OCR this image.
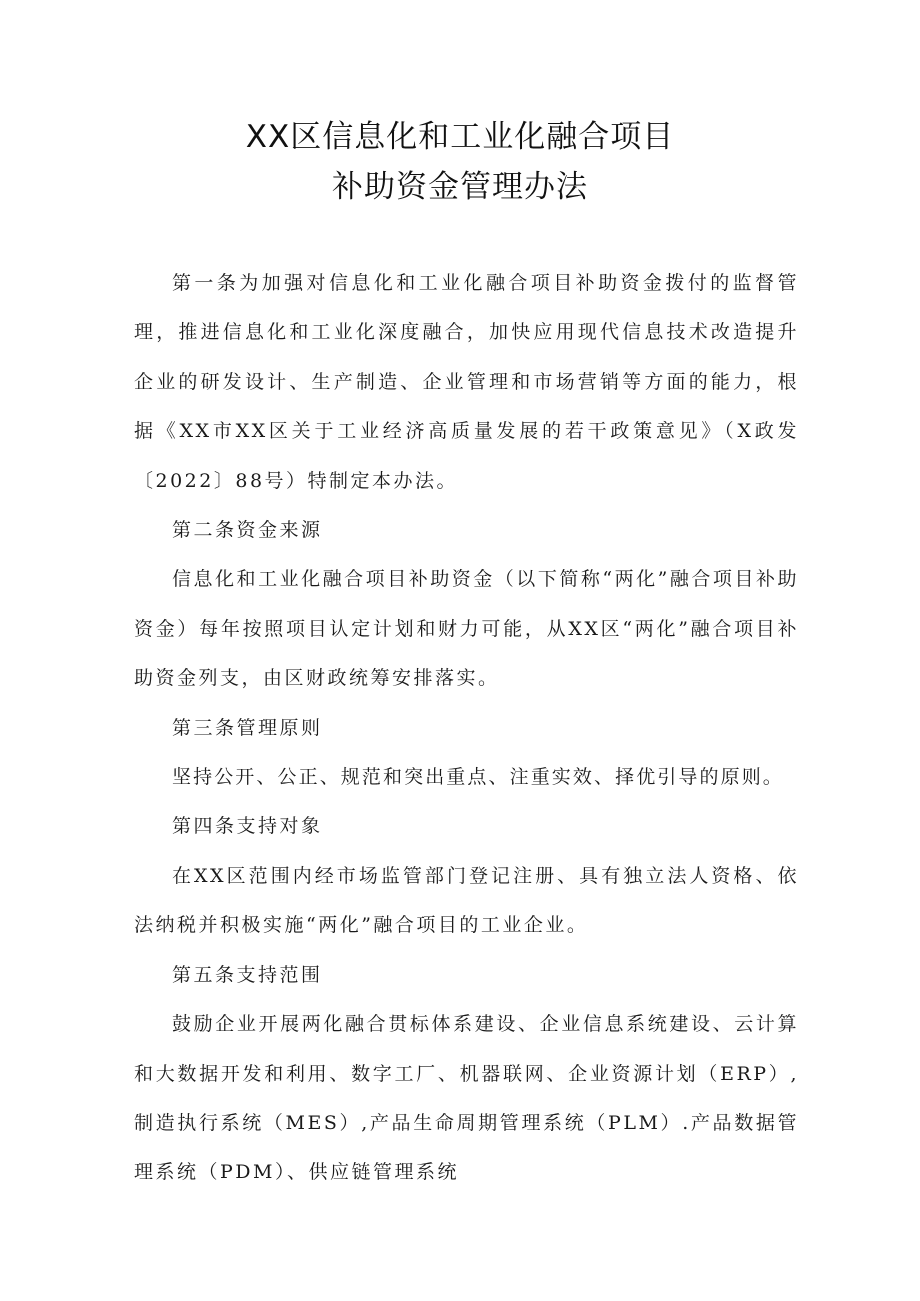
XX区信息化和工业化融合项目
补助资金管理办法

第一条为加强对信息化和工业化融合项目补助资金拨付的监督管理，推进信息化和工业化深度融合，加快应用现代信息技术改造提升企业的研发设计、生产制造、企业管理和市场营销等方面的能力，根据《XX市XX区关于工业经济高质量发展的若干政策意见》（X政发〔2022〕88号）特制定本办法。

第二条资金来源

信息化和工业化融合项目补助资金（以下简称“两化”融合项目补助资金）每年按照项目认定计划和财力可能，从XX区“两化”融合项目补助资金列支，由区财政统筹安排落实。

第三条管理原则

坚持公开、公正、规范和突出重点、注重实效、择优引导的原则。

第四条支持对象

在XX区范围内经市场监管部门登记注册、具有独立法人资格、依法纳税并积极实施“两化”融合项目的工业企业。

第五条支持范围

鼓励企业开展两化融合贯标体系建设、企业信息系统建设、云计算和大数据开发和利用、数字工厂、机器联网、企业资源计划（ERP）,制造执行系统（MES）,产品生命周期管理系统（PLM）.产品数据管理系统（PDM）、供应链管理系统
